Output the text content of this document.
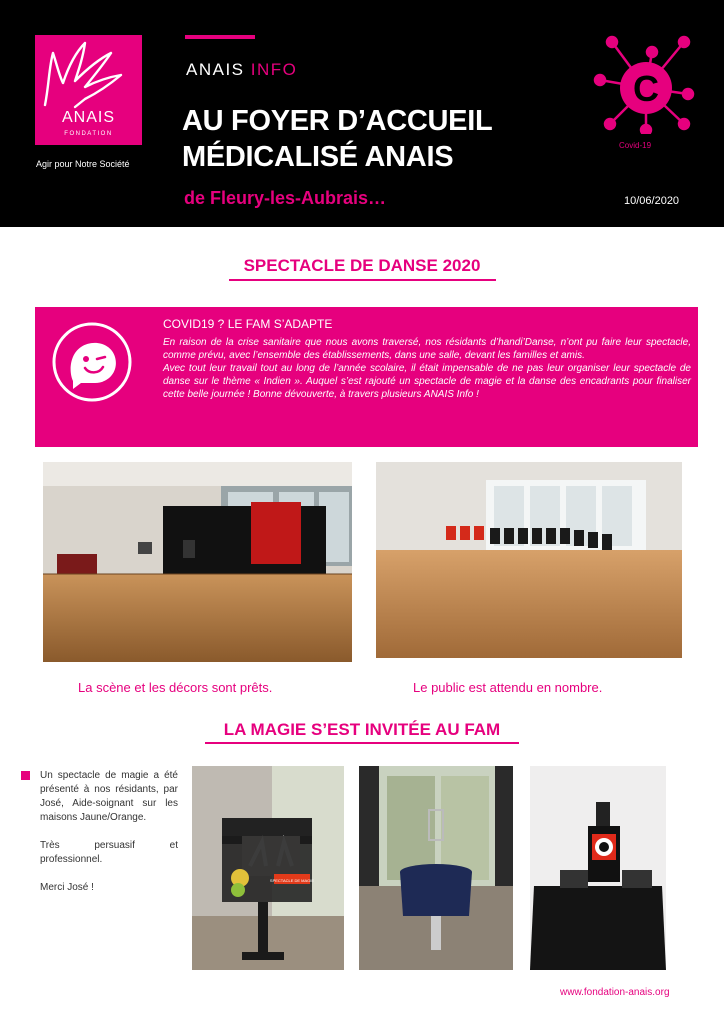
ANAIS
FONDATION
Agir pour Notre Société
ANAIS INFO
AU FOYER D’ACCUEIL
MÉDICALISÉ ANAIS
de Fleury-les-Aubrais…	10/06/2020
C
Covid-19
SPECTACLE DE DANSE 2020
COVID19 ? LE FAM S’ADAPTE

En raison de la crise sanitaire que nous avons traversé, nos résidants d’handi’Danse, n’ont pu faire leur spectacle, comme prévu, avec l’ensemble des établissements, dans une salle, devant les familles et amis.

Avec tout leur travail tout au long de l’année scolaire, il était impensable de ne pas leur organiser leur spectacle de danse sur le thème « Indien ». Auquel s’est rajouté un spectacle de magie et la danse des encadrants pour finaliser cette belle journée ! Bonne dévouverte, à travers plusieurs ANAIS Info !

La scène et les décors sont prêts.	Le public est attendu en nombre.
LA MAGIE S’EST INVITÉE AU FAM

Un spectacle de magie a été présenté à nos résidants, par José, Aide-soignant sur les maisons Jaune/Orange.

Très persuasif et professionnel.

Merci José !

SPECTACLE DE MAGIE
www.fondation-anais.org
